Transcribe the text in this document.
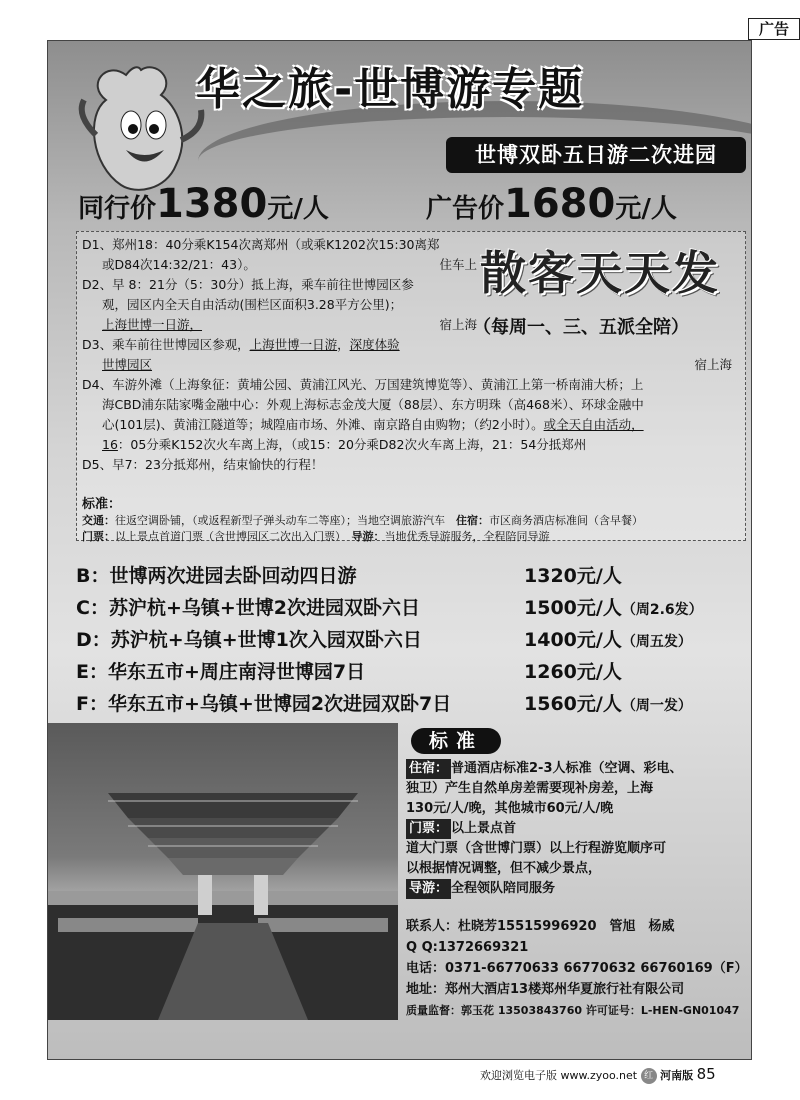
广告
华之旅-世博游专题
世博双卧五日游二次进园
同行价1380元/人	广告价1680元/人
D1、郑州18：40分乘K154次离郑州（或乘K1202次15:30离郑
或D84次14:32/21：43）。	住车上
D2、早 8：21分（5：30分）抵上海，乘车前往世博园区参
观，园区内全天自由活动(围栏区面积3.28平方公里)；
上海世博一日游，	宿上海
D3、乘车前往世博园区参观，上海世博一日游，深度体验
世博园区	宿上海
D4、车游外滩（上海象征：黄埔公园、黄浦江风光、万国建筑博览等）、黄浦江上第一桥南浦大桥；上
海CBD浦东陆家嘴金融中心：外观上海标志金茂大厦（88层）、东方明珠（高468米）、环球金融中
心(101层)、黄浦江隧道等；城隍庙市场、外滩、南京路自由购物；（约2小时）。或全天自由活动，
16：05分乘K152次火车离上海，（或15：20分乘D82次火车离上海，21：54分抵郑州
D5、早7：23分抵郑州，结束愉快的行程！
散客天天发
（每周一、三、五派全陪）
标准：
交通：往返空调卧铺，（或返程新型子弹头动车二等座）；当地空调旅游汽车　 住宿：市区商务酒店标准间（含早餐）
门票：以上景点首道门票（含世博园区二次出入门票）　 导游：当地优秀导游服务，全程陪同导游
B：世博两次进园去卧回动四日游	1320元/人
C：苏沪杭+乌镇+世博2次进园双卧六日	1500元/人（周2.6发）
D：苏沪杭+乌镇+世博1次入园双卧六日	1400元/人（周五发）
E：华东五市+周庄南浔世博园7日	1260元/人
F：华东五市+乌镇+世博园2次进园双卧7日	1560元/人（周一发）
标准
住宿： 普通酒店标准2-3人标准（空调、彩电、
独卫）产生自然单房差需要现补房差，上海
130元/人/晚，其他城市60元/人/晚
门票： 以上景点首
道大门票（含世博门票）以上行程游览顺序可
以根据情况调整，但不减少景点，
导游： 全程领队陪同服务
联系人：杜晓芳15515996920　管旭　杨威
Q Q:1372669321
电话：0371-66770633 66770632 66760169（F）
地址：郑州大酒店13楼郑州华夏旅行社有限公司
质量监督：郭玉花 13503843760 许可证号：L-HEN-GN01047
欢迎浏览电子版 www.zyoo.net 红 河南版 85
